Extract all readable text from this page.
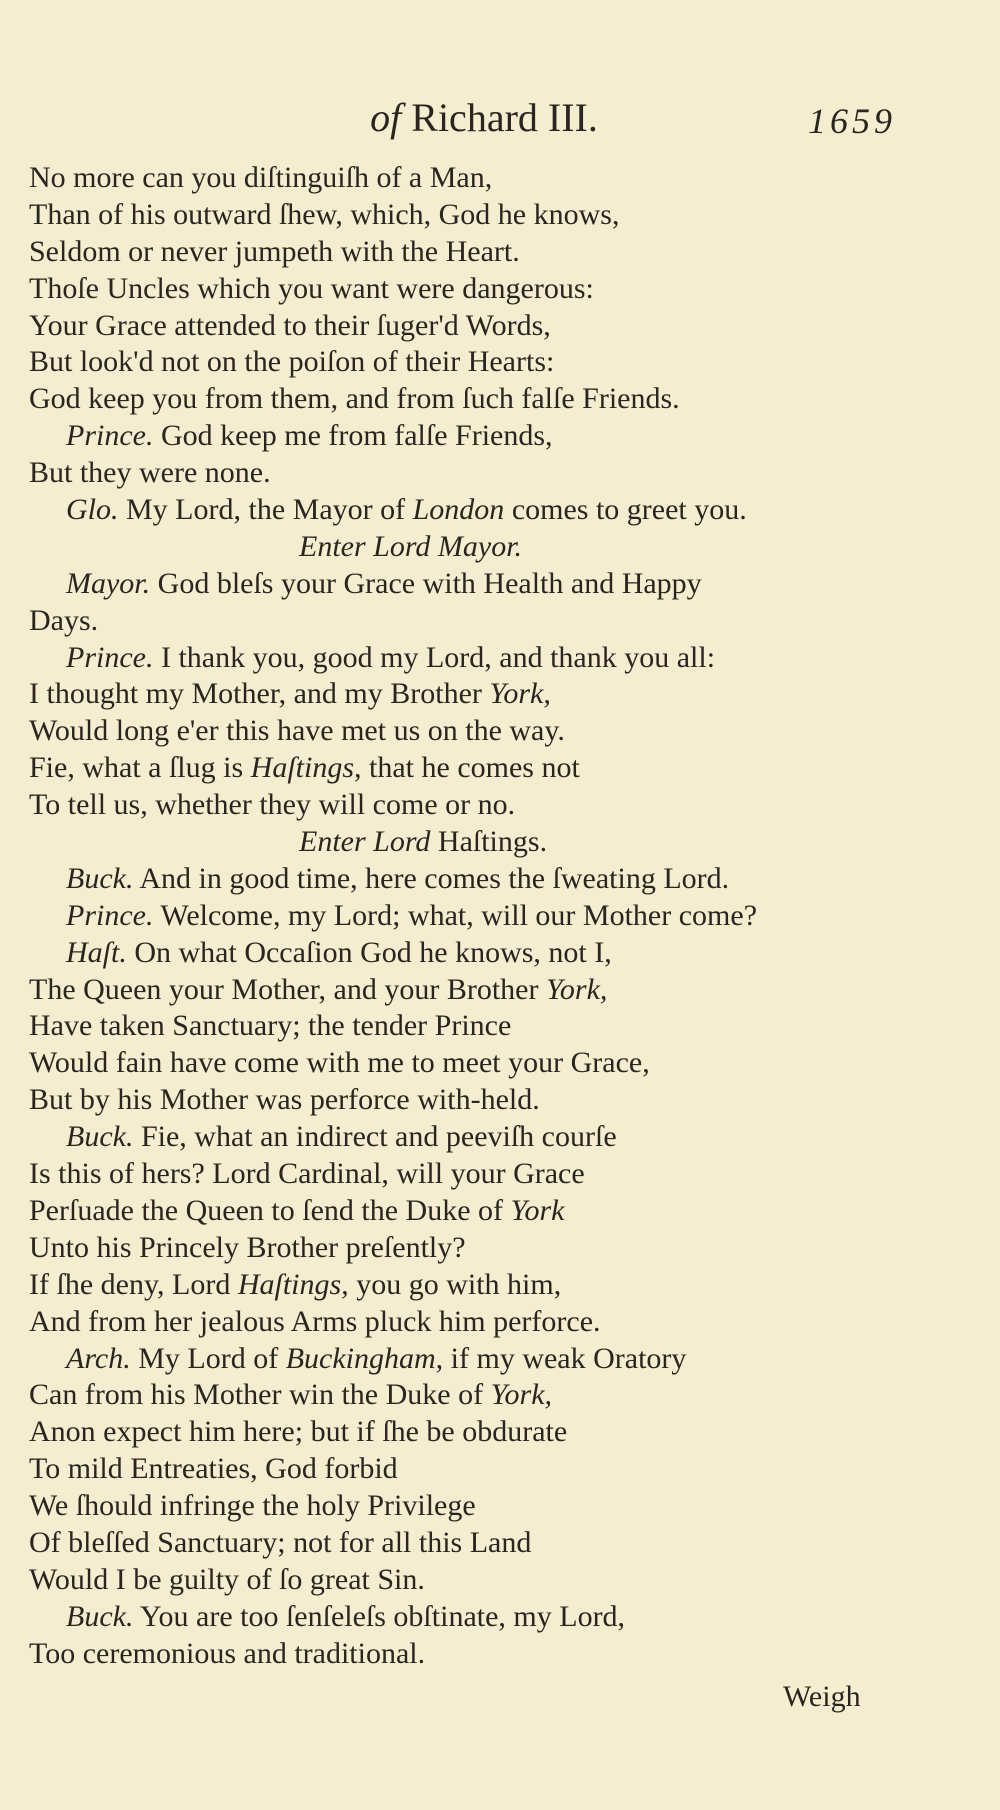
of Richard III.	1659
No more can you diſtinguiſh of a Man,
Than of his outward ſhew, which, God he knows,
Seldom or never jumpeth with the Heart.
Thoſe Uncles which you want were dangerous:
Your Grace attended to their ſuger'd Words,
But look'd not on the poiſon of their Hearts:
God keep you from them, and from ſuch falſe Friends.
Prince. God keep me from falſe Friends,
But they were none.
Glo. My Lord, the Mayor of London comes to greet you.
Enter Lord Mayor.
Mayor. God bleſs your Grace with Health and Happy
Days.
Prince. I thank you, good my Lord, and thank you all:
I thought my Mother, and my Brother York,
Would long e'er this have met us on the way.
Fie, what a ſlug is Haſtings, that he comes not
To tell us, whether they will come or no.
Enter Lord Haſtings.
Buck. And in good time, here comes the ſweating Lord.
Prince. Welcome, my Lord; what, will our Mother come?
Haſt. On what Occaſion God he knows, not I,
The Queen your Mother, and your Brother York,
Have taken Sanctuary; the tender Prince
Would fain have come with me to meet your Grace,
But by his Mother was perforce with-held.
Buck. Fie, what an indirect and peeviſh courſe
Is this of hers? Lord Cardinal, will your Grace
Perſuade the Queen to ſend the Duke of York
Unto his Princely Brother preſently?
If ſhe deny, Lord Haſtings, you go with him,
And from her jealous Arms pluck him perforce.
Arch. My Lord of Buckingham, if my weak Oratory
Can from his Mother win the Duke of York,
Anon expect him here; but if ſhe be obdurate
To mild Entreaties, God forbid
We ſhould infringe the holy Privilege
Of bleſſed Sanctuary; not for all this Land
Would I be guilty of ſo great Sin.
Buck. You are too ſenſeleſs obſtinate, my Lord,
Too ceremonious and traditional.
Weigh
